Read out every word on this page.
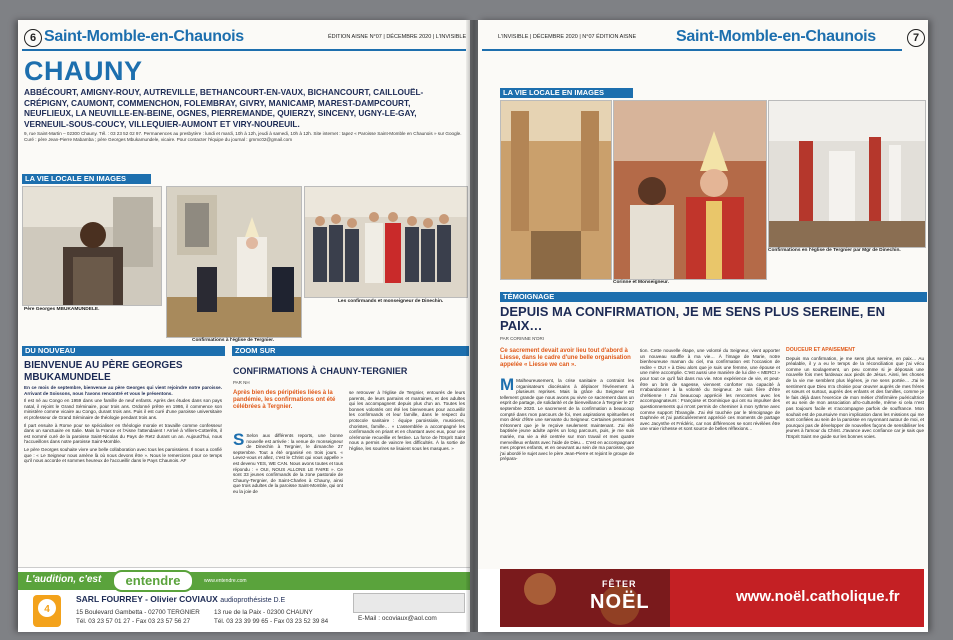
6 Saint-Momble-en-Chaunois	ÉDITION AISNE N°07 | DÉCEMBRE 2020 | L'INVISIBLE
CHAUNY
ABBÉCOURT, AMIGNY-ROUY, AUTREVILLE, BETHANCOURT-EN-VAUX, BICHANCOURT, CAILLOUËL-CRÉPIGNY, CAUMONT, COMMENCHON, FOLEMBRAY, GIVRY, MANICAMP, MAREST-DAMPCOURT, NEUFLIEUX, LA NEUVILLE-EN-BEINE, OGNES, PIERREMANDE, QUIERZY, SINCENY, UGNY-LE-GAY, VERNEUIL-SOUS-COUCY, VILLEQUIER-AUMONT ET VIRY-NOUREUIL.
9, rue Saint-Martin – 02300 Chauny. Tél. : 03 23 52 02 97. Permanences au presbytère : lundi et mardi, 10h à 12h, jeudi à samedi, 10h à 12h. Site internet : tapez « Paroisse Saint-Momble en Chaunois » sur Google. Curé : père Jean-Pierre Mabamba ; père Georges Mbukamundele, vicaire. Pour contacter l'équipe du journal : gmmc02@gmail.com
LA VIE LOCALE EN IMAGES
Père Georges MBUKAMUNDELE.
Confirmations à l'église de Tergnier.
Les confirmands et monseigneur de Dinechin.
DU NOUVEAU
BIENVENUE AU PÈRE GEORGES MBUKAMUNDELE

En ce mois de septembre, bienvenue au père Georges qui vient rejoindre notre paroisse. Arrivant de Soissons, nous l'avons rencontré et vous le présentons.

Il est né au Congo en 1959 dans une famille de neuf enfants. Après des études dans son pays natal, il rejoint le Grand Séminaire, pour trois ans. Ordonné prêtre en 1986, il commence son ministère comme vicaire au Congo, durant trois ans. Puis il est curé d'une paroisse universitaire et professeur de Grand Séminaire de théologie pendant trois ans.

Il part ensuite à Rome pour se spécialiser en théologie morale et travaille comme confesseur dans un sanctuaire en Italie. Mais la France et l'Aisne l'attendaient ! Arrivé à Villers-Cotterêts, il est nommé curé de la paroisse Saint-Nicolas du Pays de Retz durant un an. Aujourd'hui, nous l'accueillons dans notre paroisse Saint-Momble.

Le père Georges souhaite vivre une belle collaboration avec tous les paroissiens. Il nous a confié que : « Le Seigneur nous amène là où nous devons être ». Nous le remercions pour ce temps qu'il nous accorde et sommes heureux de l'accueillir dans le Pays Chaunois. AF

ZOOM SUR
CONFIRMATIONS À CHAUNY-TERGNIER
PAR NH
Après bien des péripéties liées à la pandémie, les confirmations ont été célébrées à Tergnier.
S Selon aux différents reports, une bonne nouvelle est arrivée : la venue de monseigneur de Dinechin à Tergnier, le dimanche 27 septembre. Tout a été organisé en trois jours. « Levez-vous et allez, c'est le Christ qui vous appelle » est devenu YES, WE CAN. Nous avons toutes et tous répondu : « OUI, NOUS ALLONS LE FAIRE ». Ce sont 33 jeunes confirmands de la zone pastorale de Chauny-Tergnier, de Saint-Charles à Chauny, ainsi que trois adultes de la paroisse Saint-Momble, qui ont eu la joie de
se retrouver à l'église de Tergnier, entourés de leurs parents, de leurs parrains et marraines, et des adultes qui les accompagnent depuis plus d'un an. Toutes les bonnes volontés ont été les bienvenues pour accueillir les confirmands et leur famille, dans le respect du protocole sanitaire : équipe paroissiale, musiciens, choristes, famille… « L'assemblée a accompagné les confirmands en priant et en chantant avec eux, pour une cérémonie recueillie et festive. La force de l'Esprit Saint nous a permis de vaincre les difficultés. À la sortie de l'église, les sourires se lisaient sous les masques. »
L'audition, c'est	entendre	www.entendre.com
4
SARL FOURREY - Olivier COVIAUX audioprothésiste D.E
15 Boulevard Gambetta - 02700 TERGNIER
Tél. 03 23 57 01 27 - Fax 03 23 57 56 27
13 rue de la Paix - 02300 CHAUNY
Tél. 03 23 39 99 65 - Fax 03 23 52 39 84	E-Mail : ocoviaux@aol.com
L'INVISIBLE | DÉCEMBRE 2020 | N°07 ÉDITION AISNE Saint-Momble-en-Chaunois	7
LA VIE LOCALE EN IMAGES
Corinne et Monseigneur.
Confirmations en l'église de Tergnier par Mgr de Dinechin.
TÉMOIGNAGE
DEPUIS MA CONFIRMATION, JE ME SENS PLUS SEREINE, EN PAIX…
PAR CORINNE N'DRI
Ce sacrement devait avoir lieu tout d'abord à Liesse, dans le cadre d'une belle organisation appelée « Liesse we can ».
M Malheureusement, la crise sanitaire a contraint les organisateurs diocésains à déplacer l'événement à plusieurs reprises. Mais la grâce du Seigneur est tellement grande que nous avons pu vivre ce sacrement dans un esprit de partage, de solidarité et de bienveillance à Tergnier le 27 septembre 2020. Le sacrement de la confirmation a beaucoup compté dans mon parcours de foi, mes aspirations spirituelles et mon désir d'être une servante du Seigneur. Certaines personnes s'étonnent que je le reçoive seulement maintenant. J'ai été baptisée jeune adulte après un long parcours, puis, je me suis mariée, ma vie a été centrée sur mon travail et mes quatre merveilleux enfants avec l'aide de Dieu… C'est en accompagnant mes propres enfants, et en oeuvrant au sein de ma paroisse, que j'ai abordé le sujet avec le père Jean-Pierre et rejoint le groupe de prépara-
tion. Cette nouvelle étape, une volonté du Seigneur, vient apporter un nouveau souffle à ma vie… À l'image de Marie, notre bienheureuse maman du ciel, ma confirmation est l'occasion de redire « OUI » à Dieu alors que je suis une femme, une épouse et une mère accomplie. C'est aussi une manière de lui dire « MERCI » pour tout ce qu'il fait dans ma vie. Mon expérience de vie, et peut-être un brin de sagesse, viennent conforter ma capacité à m'abandonner à la volonté du Seigneur. Je suis fière d'être chrétienne ! J'ai beaucoup apprécié les rencontres avec les accompagnateurs : Françoise et Dominique qui ont su impulser des questionnements qui m'ont permis de cheminer à mon rythme avec comme support l'Évangile. J'ai été touchée par le témoignage de Daphnée et j'ai particulièrement apprécié ces moments de partage avec Jacynthe et Frédéric, car nos différences se sont révélées être une vraie richesse et sont source de belles réflexions…

DOUCEUR ET APAISEMENT

Depuis ma confirmation, je me sens plus sereine, en paix… Au préalable, il y a eu le temps de la réconciliation que j'ai vécu comme un soulagement, un peu comme si je déposais une nouvelle fois mes fardeaux aux pieds de Jésus. Ainsi, les choses de la vie me semblent plus légères, je me sens portée… J'ai le sentiment que Dieu m'a choisie pour œuvrer auprès de mes frères et sœurs et surtout, auprès des enfants et des familles, comme je le fais déjà dans l'exercice de mon métier d'infirmière puéricultrice et au sein de mon association afro-culturelle, même si cela n'est pas toujours facile et s'accompagne parfois de souffrance. Mon souhait est de poursuivre mon implication dans les missions qui me sont confiées au sein de la paroisse en rayonnant autour de moi, et pourquoi pas de développer de nouvelles façons de sensibiliser les jeunes à l'amour du Christ. J'avance avec confiance car je sais que l'Esprit Saint me guide sur les bonnes voies.

FÊTER
NOËL	www.noël.catholique.fr
